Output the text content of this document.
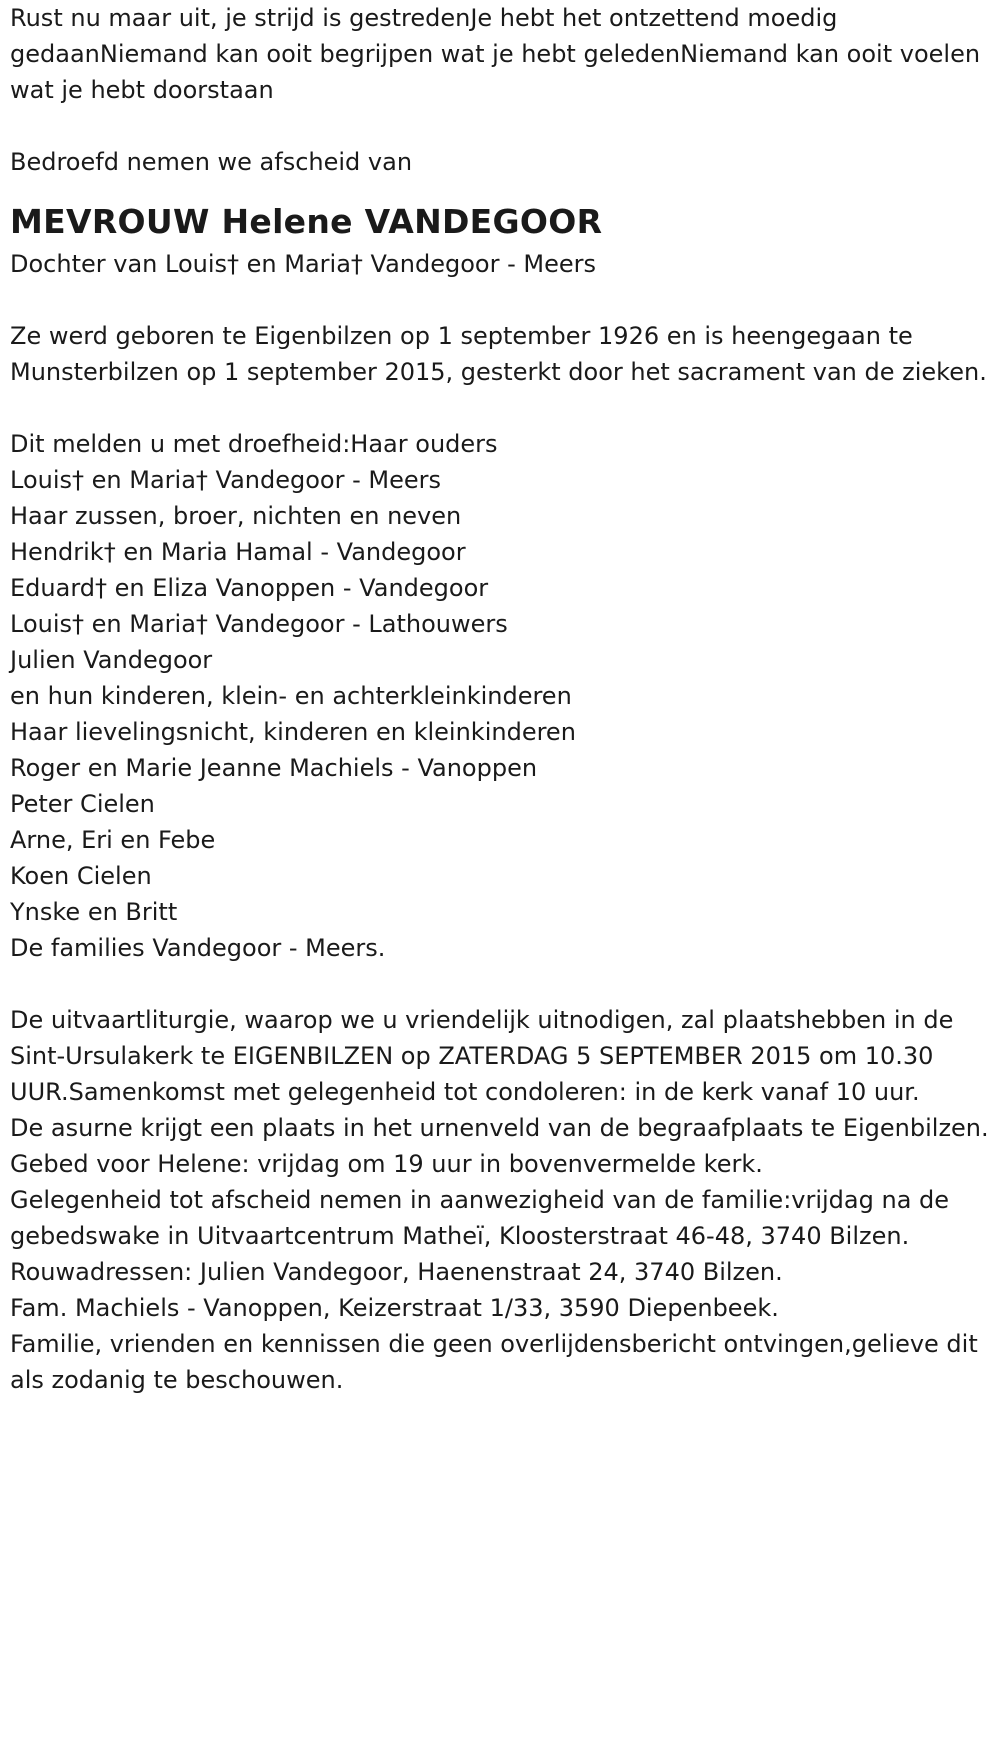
Rust nu maar uit, je strijd is gestredenJe hebt het ontzettend moedig gedaanNiemand kan ooit begrijpen wat je hebt geledenNiemand kan ooit voelen wat je hebt doorstaan

Bedroefd nemen we afscheid van

MEVROUW Helene VANDEGOOR

Dochter van Louis† en Maria† Vandegoor - Meers

Ze werd geboren te Eigenbilzen op 1 september 1926 en is heengegaan te Munsterbilzen op 1 september 2015, gesterkt door het sacrament van de zieken.

Dit melden u met droefheid:Haar ouders

Louis† en Maria† Vandegoor - Meers

Haar zussen, broer, nichten en neven

Hendrik† en Maria Hamal - Vandegoor

Eduard† en Eliza Vanoppen - Vandegoor

Louis† en Maria† Vandegoor - Lathouwers

Julien Vandegoor

en hun kinderen, klein- en achterkleinkinderen

Haar lievelingsnicht, kinderen en kleinkinderen

Roger en Marie Jeanne Machiels - Vanoppen

Peter Cielen

Arne, Eri en Febe

Koen Cielen

Ynske en Britt

De families Vandegoor - Meers.

De uitvaartliturgie, waarop we u vriendelijk uitnodigen, zal plaatshebben in de Sint-Ursulakerk te EIGENBILZEN op ZATERDAG 5 SEPTEMBER 2015 om 10.30 UUR.Samenkomst met gelegenheid tot condoleren: in de kerk vanaf 10 uur.

De asurne krijgt een plaats in het urnenveld van de begraafplaats te Eigenbilzen.

Gebed voor Helene: vrijdag om 19 uur in bovenvermelde kerk.

Gelegenheid tot afscheid nemen in aanwezigheid van de familie:vrijdag na de gebedswake in Uitvaartcentrum Matheï, Kloosterstraat 46-48, 3740 Bilzen.

Rouwadressen: Julien Vandegoor, Haenenstraat 24, 3740 Bilzen.

Fam. Machiels - Vanoppen, Keizerstraat 1/33, 3590 Diepenbeek.

Familie, vrienden en kennissen die geen overlijdensbericht ontvingen,gelieve dit als zodanig te beschouwen.
